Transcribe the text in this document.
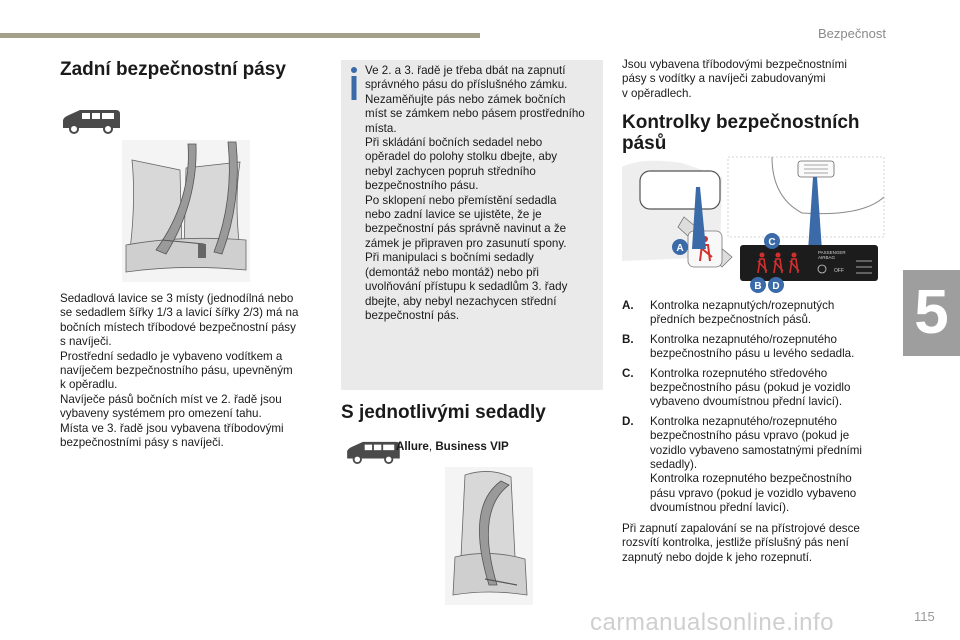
Bezpečnost
5
Zadní bezpečnostní pásy

Sedadlová lavice se 3 místy (jednodílná nebo
se sedadlem šířky 1/3 a lavicí šířky 2/3) má na
bočních místech tříbodové bezpečnostní pásy
s navíječi.
Prostřední sedadlo je vybaveno vodítkem a
navíječem bezpečnostního pásu, upevněným
k opěradlu.
Navíječe pásů bočních míst ve 2. řadě jsou
vybaveny systémem pro omezení tahu.
Místa ve 3. řadě jsou vybavena tříbodovými
bezpečnostními pásy s navíječi.

Ve 2. a 3. řadě je třeba dbát na zapnutí
správného pásu do příslušného zámku.
Nezaměňujte pás nebo zámek bočních
míst se zámkem nebo pásem prostředního
místa.
Při skládání bočních sedadel nebo
opěradel do polohy stolku dbejte, aby
nebyl zachycen popruh středního
bezpečnostního pásu.
Po sklopení nebo přemístění sedadla
nebo zadní lavice se ujistěte, že je
bezpečnostní pás správně navinut a že
zámek je připraven pro zasunutí spony.
Při manipulaci s bočními sedadly
(demontáž nebo montáž) nebo při
uvolňování přístupu k sedadlům 3. řady
dbejte, aby nebyl nezachycen střední
bezpečnostní pás.

S jednotlivými sedadly
Allure, Business VIP

Jsou vybavena tříbodovými bezpečnostními
pásy s vodítky a navíječi zabudovanými
v opěradlech.

Kontrolky bezpečnostních
pásů
PASSENGER
AIRBAG
OFF
A
C
B D
A.	Kontrolka nezapnutých/rozepnutých
předních bezpečnostních pásů.
B.	Kontrolka nezapnutého/rozepnutého
bezpečnostního pásu u levého sedadla.
C.	Kontrolka rozepnutého středového
bezpečnostního pásu (pokud je vozidlo
vybaveno dvoumístnou přední lavicí).
D.	Kontrolka nezapnutého/rozepnutého
bezpečnostního pásu vpravo (pokud je
vozidlo vybaveno samostatnými předními
sedadly).
Kontrolka rozepnutého bezpečnostního
pásu vpravo (pokud je vozidlo vybaveno
dvoumístnou přední lavicí).

Při zapnutí zapalování se na přístrojové desce
rozsvítí kontrolka, jestliže příslušný pás není
zapnutý nebo dojde k jeho rozepnutí.

carmanualsonline.info	115
